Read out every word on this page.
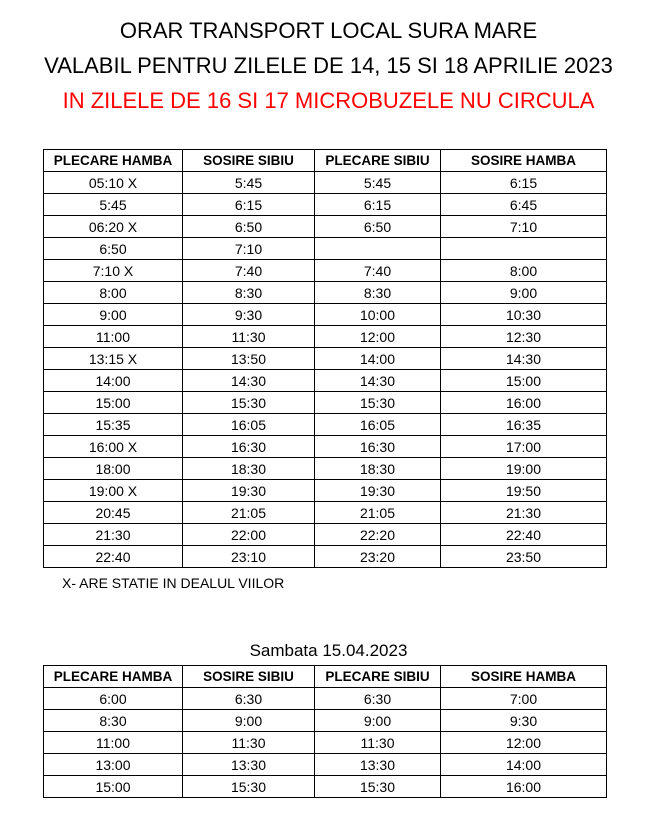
ORAR TRANSPORT LOCAL SURA MARE
VALABIL PENTRU ZILELE DE 14, 15 SI 18 APRILIE 2023
IN ZILELE DE 16 SI 17 MICROBUZELE NU CIRCULA
PLECARE HAMBA	SOSIRE SIBIU	PLECARE SIBIU	SOSIRE HAMBA
05:10 X	5:45	5:45	6:15
5:45	6:15	6:15	6:45
06:20 X	6:50	6:50	7:10
6:50	7:10		
7:10 X	7:40	7:40	8:00
8:00	8:30	8:30	9:00
9:00	9:30	10:00	10:30
11:00	11:30	12:00	12:30
13:15 X	13:50	14:00	14:30
14:00	14:30	14:30	15:00
15:00	15:30	15:30	16:00
15:35	16:05	16:05	16:35
16:00 X	16:30	16:30	17:00
18:00	18:30	18:30	19:00
19:00 X	19:30	19:30	19:50
20:45	21:05	21:05	21:30
21:30	22:00	22:20	22:40
22:40	23:10	23:20	23:50
X- ARE STATIE IN DEALUL VIILOR
Sambata 15.04.2023
PLECARE HAMBA	SOSIRE SIBIU	PLECARE SIBIU	SOSIRE HAMBA
6:00	6:30	6:30	7:00
8:30	9:00	9:00	9:30
11:00	11:30	11:30	12:00
13:00	13:30	13:30	14:00
15:00	15:30	15:30	16:00
